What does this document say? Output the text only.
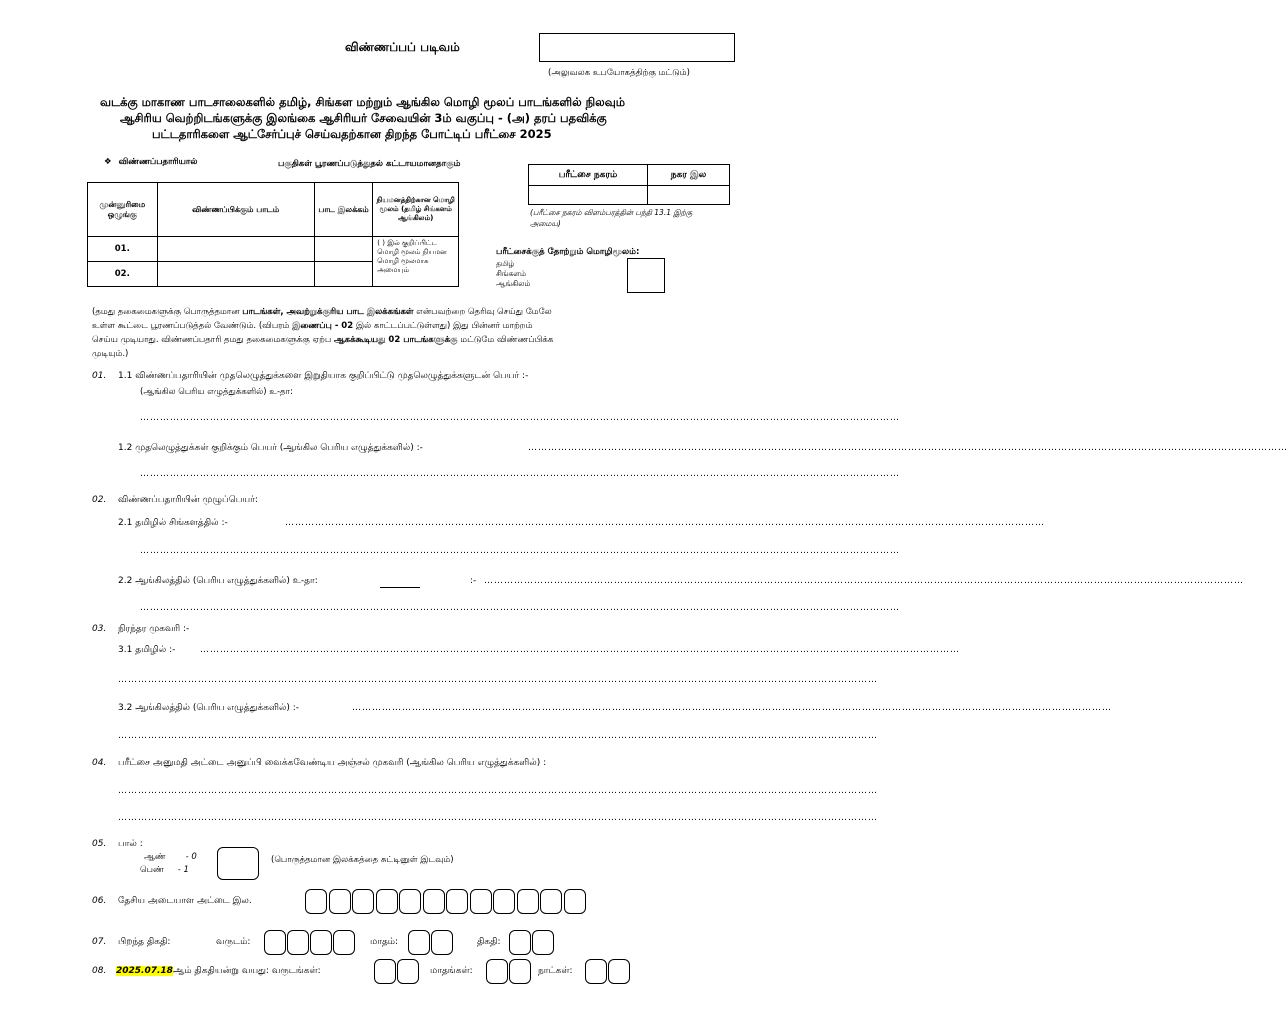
விண்ணப்பப் படிவம்
(அலுவலக உபயோகத்திற்கு மட்டும்)
வடக்கு மாகாண பாடசாலைகளில் தமிழ், சிங்கள மற்றும் ஆங்கில மொழி மூலப் பாடங்களில் நிலவும்
ஆசிரிய வெற்றிடங்களுக்கு இலங்கை ஆசிரியர் சேவையின் 3ம் வகுப்பு - (அ) தரப் பதவிக்கு
பட்டதாரிகளை ஆட்சேர்ப்புச் செய்வதற்கான திறந்த போட்டிப் பரீட்சை 2025
❖ விண்ணப்பதாரியால்	பகுதிகள் பூரணப்படுத்துதல் கட்டாயமானதாகும்
முன்னுரிமை ஒழுங்கு	விண்ணப்பிக்கும் பாடம்	பாட இலக்கம்	நியமனத்திற்கான மொழி மூலம் (தமிழ் சிங்களம் ஆங்கிலம்)
01.			( ) இல் குறிப்பிட்ட மொழி மூலம் நியமன மொழி மூலமாக அமையும்
02.			
பரீட்சை நகரம்	நகர இல

(பரீட்சை நகரம் விளம்பரத்தின் பந்தி 13.1 இற்கு அமைய)
பரீட்சைக்குத் தோற்றும் மொழிமூலம்:
தமிழ்
சிங்களம்
ஆங்கிலம்
(தமது தகைமைகளுக்கு பொருத்தமான பாடங்கள், அவற்றுக்குரிய பாட இலக்கங்கள் என்பவற்றை தெரிவு செய்து மேலே
உள்ள கூட்டை பூரணப்படுத்தல் வேண்டும். (விபரம் இணைப்பு - 02 இல் காட்டப்பட்டுள்ளது) இது பின்னர் மாற்றம்
செய்ய முடியாது. விண்ணப்பதாரி தமது தகைமைகளுக்கு ஏற்ப ஆகக்கூடியது 02 பாடங்களுக்கு மட்டுமே விண்ணப்பிக்க
முடியும்.)
01. 1.1 விண்ணப்பதாரியின் முதலெழுத்துக்களை இறுதியாக குறிப்பிட்டு முதலெழுத்துக்களுடன் பெயர் :-
(ஆங்கில பெரிய எழுத்துக்களில்) உ-தா:
…………………………………………………………………………………………………………………………………………………………………………………………………………
1.2 முதலெழுத்துக்கள் குறிக்கும் பெயர் (ஆங்கில பெரிய எழுத்துக்களில்) :-	…………………………………………………………………………………………………………………………………………………………………………………………………………
…………………………………………………………………………………………………………………………………………………………………………………………………………
02. விண்ணப்பதாரியின் முழுப்பெயர்:
2.1 தமிழில் சிங்களத்தில் :-	…………………………………………………………………………………………………………………………………………………………………………………………………………
…………………………………………………………………………………………………………………………………………………………………………………………………………
2.2 ஆங்கிலத்தில் (பெரிய எழுத்துக்களில்) உ-தா:	:- …………………………………………………………………………………………………………………………………………………………………………………………………………
…………………………………………………………………………………………………………………………………………………………………………………………………………
03. நிரந்தர முகவரி :-
3.1 தமிழில் :-	…………………………………………………………………………………………………………………………………………………………………………………………………………
…………………………………………………………………………………………………………………………………………………………………………………………………………
3.2 ஆங்கிலத்தில் (பெரிய எழுத்துக்களில்) :-	…………………………………………………………………………………………………………………………………………………………………………………………………………
…………………………………………………………………………………………………………………………………………………………………………………………………………
04. பரீட்சை அனுமதி அட்டை அனுப்பி வைக்கவேண்டிய அஞ்சல் முகவரி (ஆங்கில பெரிய எழுத்துக்களில்) :
…………………………………………………………………………………………………………………………………………………………………………………………………………
…………………………………………………………………………………………………………………………………………………………………………………………………………
05. பால் :
ஆண் - 0
பெண் - 1
(பொருத்தமான இலக்கத்தை சுட்டினுள் இடவும்)
06. தேசிய அடையாள அட்டை இல.
07. பிறந்த திகதி:	வருடம்:	மாதம்:	திகதி:
08. 2025.07.18ஆம் திகதியன்று வயது: வருடங்கள்:	மாதங்கள்:	நாட்கள்:
